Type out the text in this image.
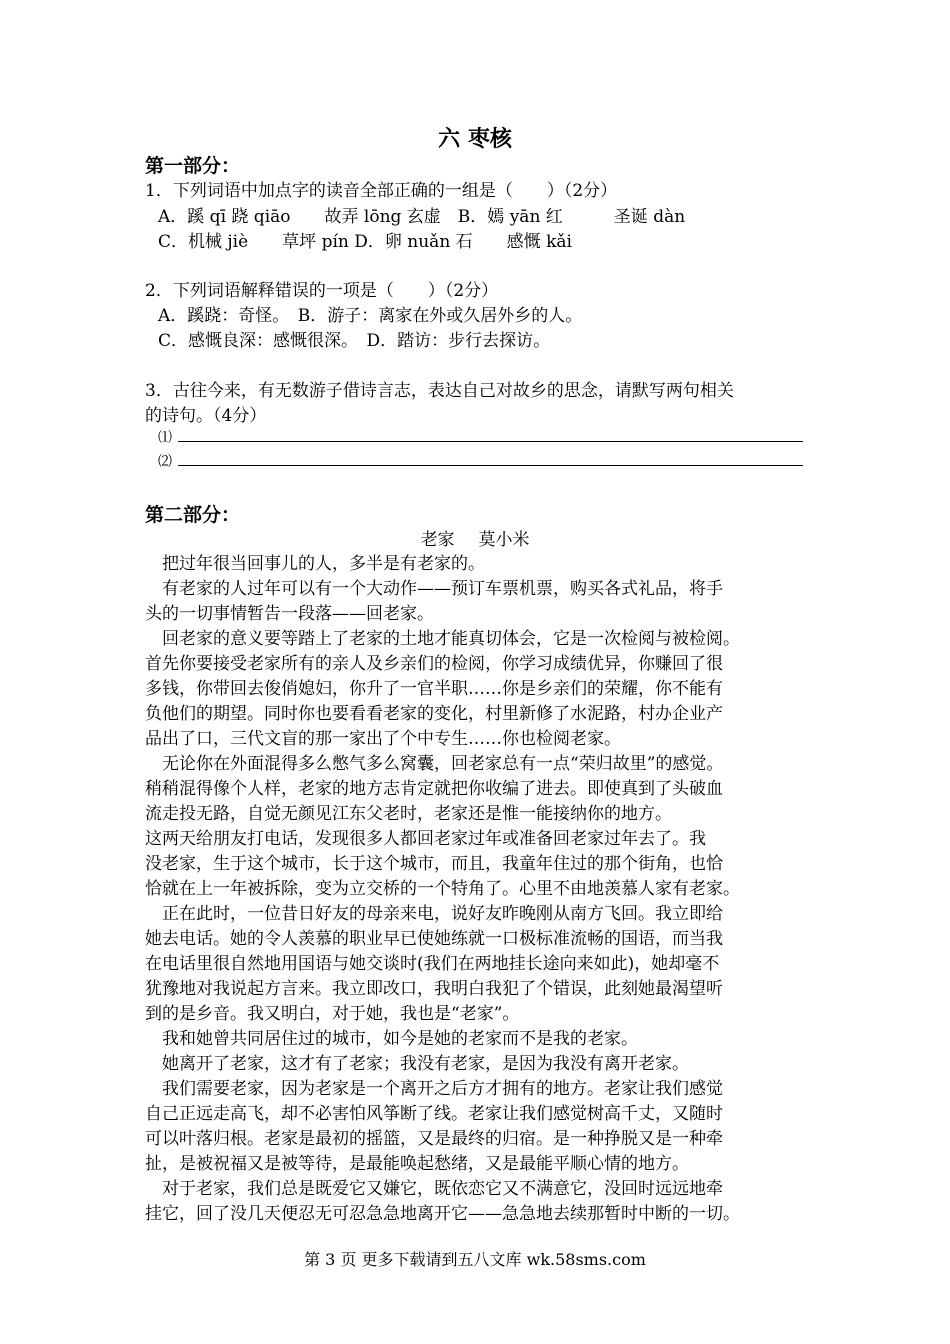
六 枣核
第一部分：
1．下列词语中加点字的读音全部正确的一组是（　　）（2分）
A．蹊 qī 跷 qiāo　　故弄 lōng 玄虚　B．嫣 yān 红　　　圣诞 dàn
C．机械 jiè　　草坪 pín D．卵 nuǎn 石　　感慨 kǎi
2．下列词语解释错误的一项是（　　）（2分）
A．蹊跷：奇怪。　B．游子：离家在外或久居外乡的人。
C．感慨良深：感慨很深。　D．踏访：步行去探访。
3．古往今来，有无数游子借诗言志，表达自己对故乡的思念，请默写两句相关
的诗句。（4分）
⑴
⑵
第二部分：
老家 莫小米
　把过年很当回事儿的人，多半是有老家的。
　有老家的人过年可以有一个大动作——预订车票机票，购买各式礼品，将手
头的一切事情暂告一段落——回老家。
　回老家的意义要等踏上了老家的土地才能真切体会，它是一次检阅与被检阅。
首先你要接受老家所有的亲人及乡亲们的检阅，你学习成绩优异，你赚回了很
多钱，你带回去俊俏媳妇，你升了一官半职……你是乡亲们的荣耀，你不能有
负他们的期望。同时你也要看看老家的变化，村里新修了水泥路，村办企业产
品出了口，三代文盲的那一家出了个中专生……你也检阅老家。
　无论你在外面混得多么憋气多么窝囊，回老家总有一点“荣归故里”的感觉。
稍稍混得像个人样，老家的地方志肯定就把你收编了进去。即使真到了头破血
流走投无路，自觉无颜见江东父老时，老家还是惟一能接纳你的地方。
这两天给朋友打电话，发现很多人都回老家过年或准备回老家过年去了。我
没老家，生于这个城市，长于这个城市，而且，我童年住过的那个街角，也恰
恰就在上一年被拆除，变为立交桥的一个特角了。心里不由地羡慕人家有老家。
　正在此时，一位昔日好友的母亲来电，说好友昨晚刚从南方飞回。我立即给
她去电话。她的令人羡慕的职业早已使她练就一口极标准流畅的国语，而当我
在电话里很自然地用国语与她交谈时(我们在两地挂长途向来如此)，她却毫不
犹豫地对我说起方言来。我立即改口，我明白我犯了个错误，此刻她最渴望听
到的是乡音。我又明白，对于她，我也是“老家”。
　我和她曾共同居住过的城市，如今是她的老家而不是我的老家。
　她离开了老家，这才有了老家；我没有老家，是因为我没有离开老家。
　我们需要老家，因为老家是一个离开之后方才拥有的地方。老家让我们感觉
自己正远走高飞，却不必害怕风筝断了线。老家让我们感觉树高千丈，又随时
可以叶落归根。老家是最初的摇篮，又是最终的归宿。是一种挣脱又是一种牵
扯，是被祝福又是被等待，是最能唤起愁绪，又是最能平顺心情的地方。
　对于老家，我们总是既爱它又嫌它，既依恋它又不满意它，没回时远远地牵
挂它，回了没几天便忍无可忍急急地离开它——急急地去续那暂时中断的一切。
第 3 页 更多下载请到五八文库 wk.58sms.com
